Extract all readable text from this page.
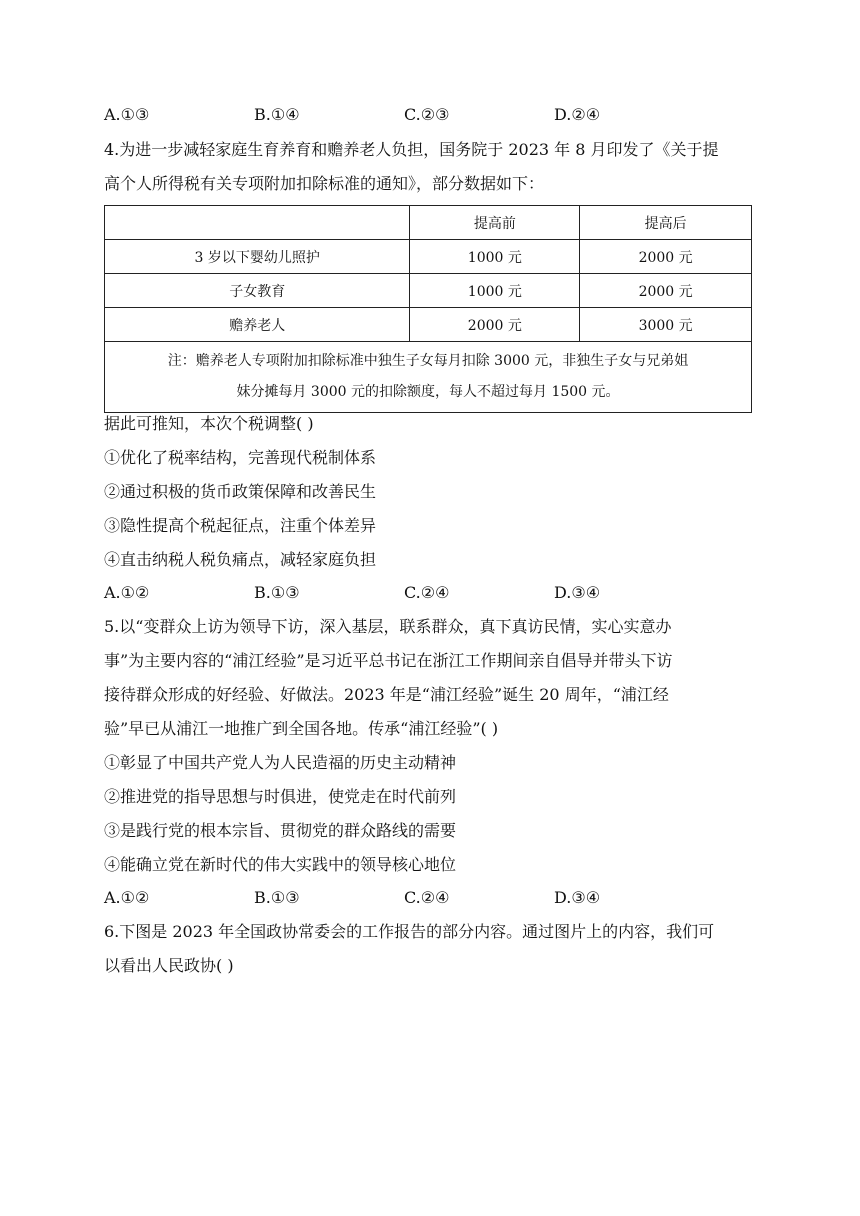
A.①③	B.①④	C.②③	D.②④
4.为进一步减轻家庭生育养育和赡养老人负担，国务院于 2023 年 8 月印发了《关于提
高个人所得税有关专项附加扣除标准的通知》，部分数据如下：
	提高前	提高后
3 岁以下婴幼儿照护	1000 元	2000 元
子女教育	1000 元	2000 元
赡养老人	2000 元	3000 元

注：赡养老人专项附加扣除标准中独生子女每月扣除 3000 元，非独生子女与兄弟姐
妹分摊每月 3000 元的扣除额度，每人不超过每月 1500 元。		
据此可推知，本次个税调整( )
①优化了税率结构，完善现代税制体系
②通过积极的货币政策保障和改善民生
③隐性提高个税起征点，注重个体差异
④直击纳税人税负痛点，减轻家庭负担
A.①②	B.①③	C.②④	D.③④
5.以“变群众上访为领导下访，深入基层，联系群众，真下真访民情，实心实意办
事”为主要内容的“浦江经验”是习近平总书记在浙江工作期间亲自倡导并带头下访
接待群众形成的好经验、好做法。2023 年是“浦江经验”诞生 20 周年，“浦江经
验”早已从浦江一地推广到全国各地。传承“浦江经验”( )
①彰显了中国共产党人为人民造福的历史主动精神
②推进党的指导思想与时俱进，使党走在时代前列
③是践行党的根本宗旨、贯彻党的群众路线的需要
④能确立党在新时代的伟大实践中的领导核心地位
A.①②	B.①③	C.②④	D.③④
6.下图是 2023 年全国政协常委会的工作报告的部分内容。通过图片上的内容，我们可
以看出人民政协( )
